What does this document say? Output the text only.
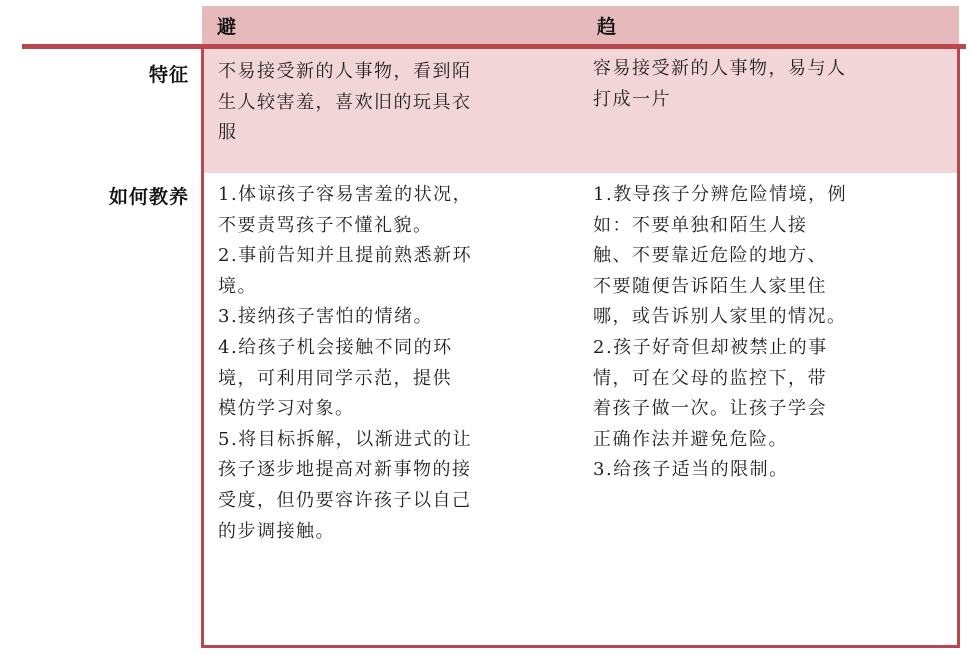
避	趋
特征 不易接受新的人事物，看到陌
生人较害羞，喜欢旧的玩具衣
服
容易接受新的人事物，易与人
打成一片
如何教养 1.体谅孩子容易害羞的状况，
不要责骂孩子不懂礼貌。
2.事前告知并且提前熟悉新环
境。
3.接纳孩子害怕的情绪。
4.给孩子机会接触不同的环
境，可利用同学示范，提供
模仿学习对象。
5.将目标拆解，以渐进式的让
孩子逐步地提高对新事物的接
受度，但仍要容许孩子以自己
的步调接触。
1.教导孩子分辨危险情境，例
如：不要单独和陌生人接
触、不要靠近危险的地方、
不要随便告诉陌生人家里住
哪，或告诉别人家里的情况。
2.孩子好奇但却被禁止的事
情，可在父母的监控下，带
着孩子做一次。让孩子学会
正确作法并避免危险。
3.给孩子适当的限制。
